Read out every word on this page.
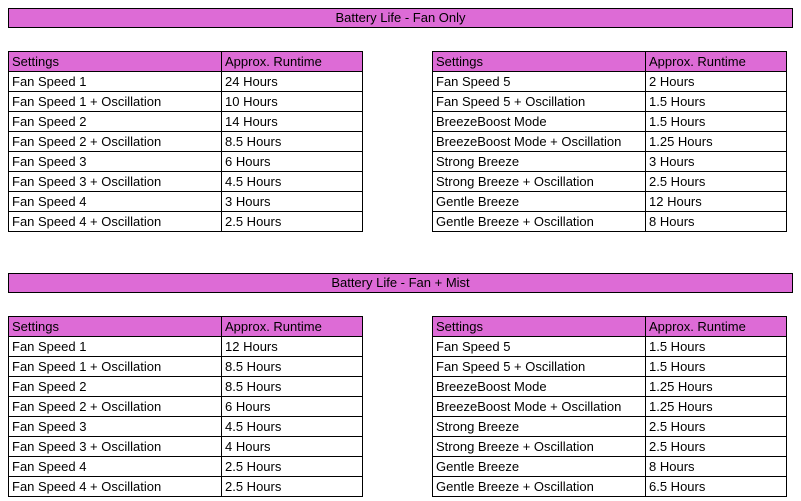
Battery Life - Fan Only
Settings	Approx. Runtime
Fan Speed 1	24 Hours
Fan Speed 1 + Oscillation	10 Hours
Fan Speed 2	14 Hours
Fan Speed 2 + Oscillation	8.5 Hours
Fan Speed 3	6 Hours
Fan Speed 3 + Oscillation	4.5 Hours
Fan Speed 4	3 Hours
Fan Speed 4 + Oscillation	2.5 Hours
Settings	Approx. Runtime
Fan Speed 5	2 Hours
Fan Speed 5 + Oscillation	1.5 Hours
BreezeBoost Mode	1.5 Hours
BreezeBoost Mode + Oscillation	1.25 Hours
Strong Breeze	3 Hours
Strong Breeze + Oscillation	2.5 Hours
Gentle Breeze	12 Hours
Gentle Breeze + Oscillation	8 Hours
Battery Life - Fan + Mist
Settings	Approx. Runtime
Fan Speed 1	12 Hours
Fan Speed 1 + Oscillation	8.5 Hours
Fan Speed 2	8.5 Hours
Fan Speed 2 + Oscillation	6 Hours
Fan Speed 3	4.5 Hours
Fan Speed 3 + Oscillation	4 Hours
Fan Speed 4	2.5 Hours
Fan Speed 4 + Oscillation	2.5 Hours
Settings	Approx. Runtime
Fan Speed 5	1.5 Hours
Fan Speed 5 + Oscillation	1.5 Hours
BreezeBoost Mode	1.25 Hours
BreezeBoost Mode + Oscillation	1.25 Hours
Strong Breeze	2.5 Hours
Strong Breeze + Oscillation	2.5 Hours
Gentle Breeze	8 Hours
Gentle Breeze + Oscillation	6.5 Hours
